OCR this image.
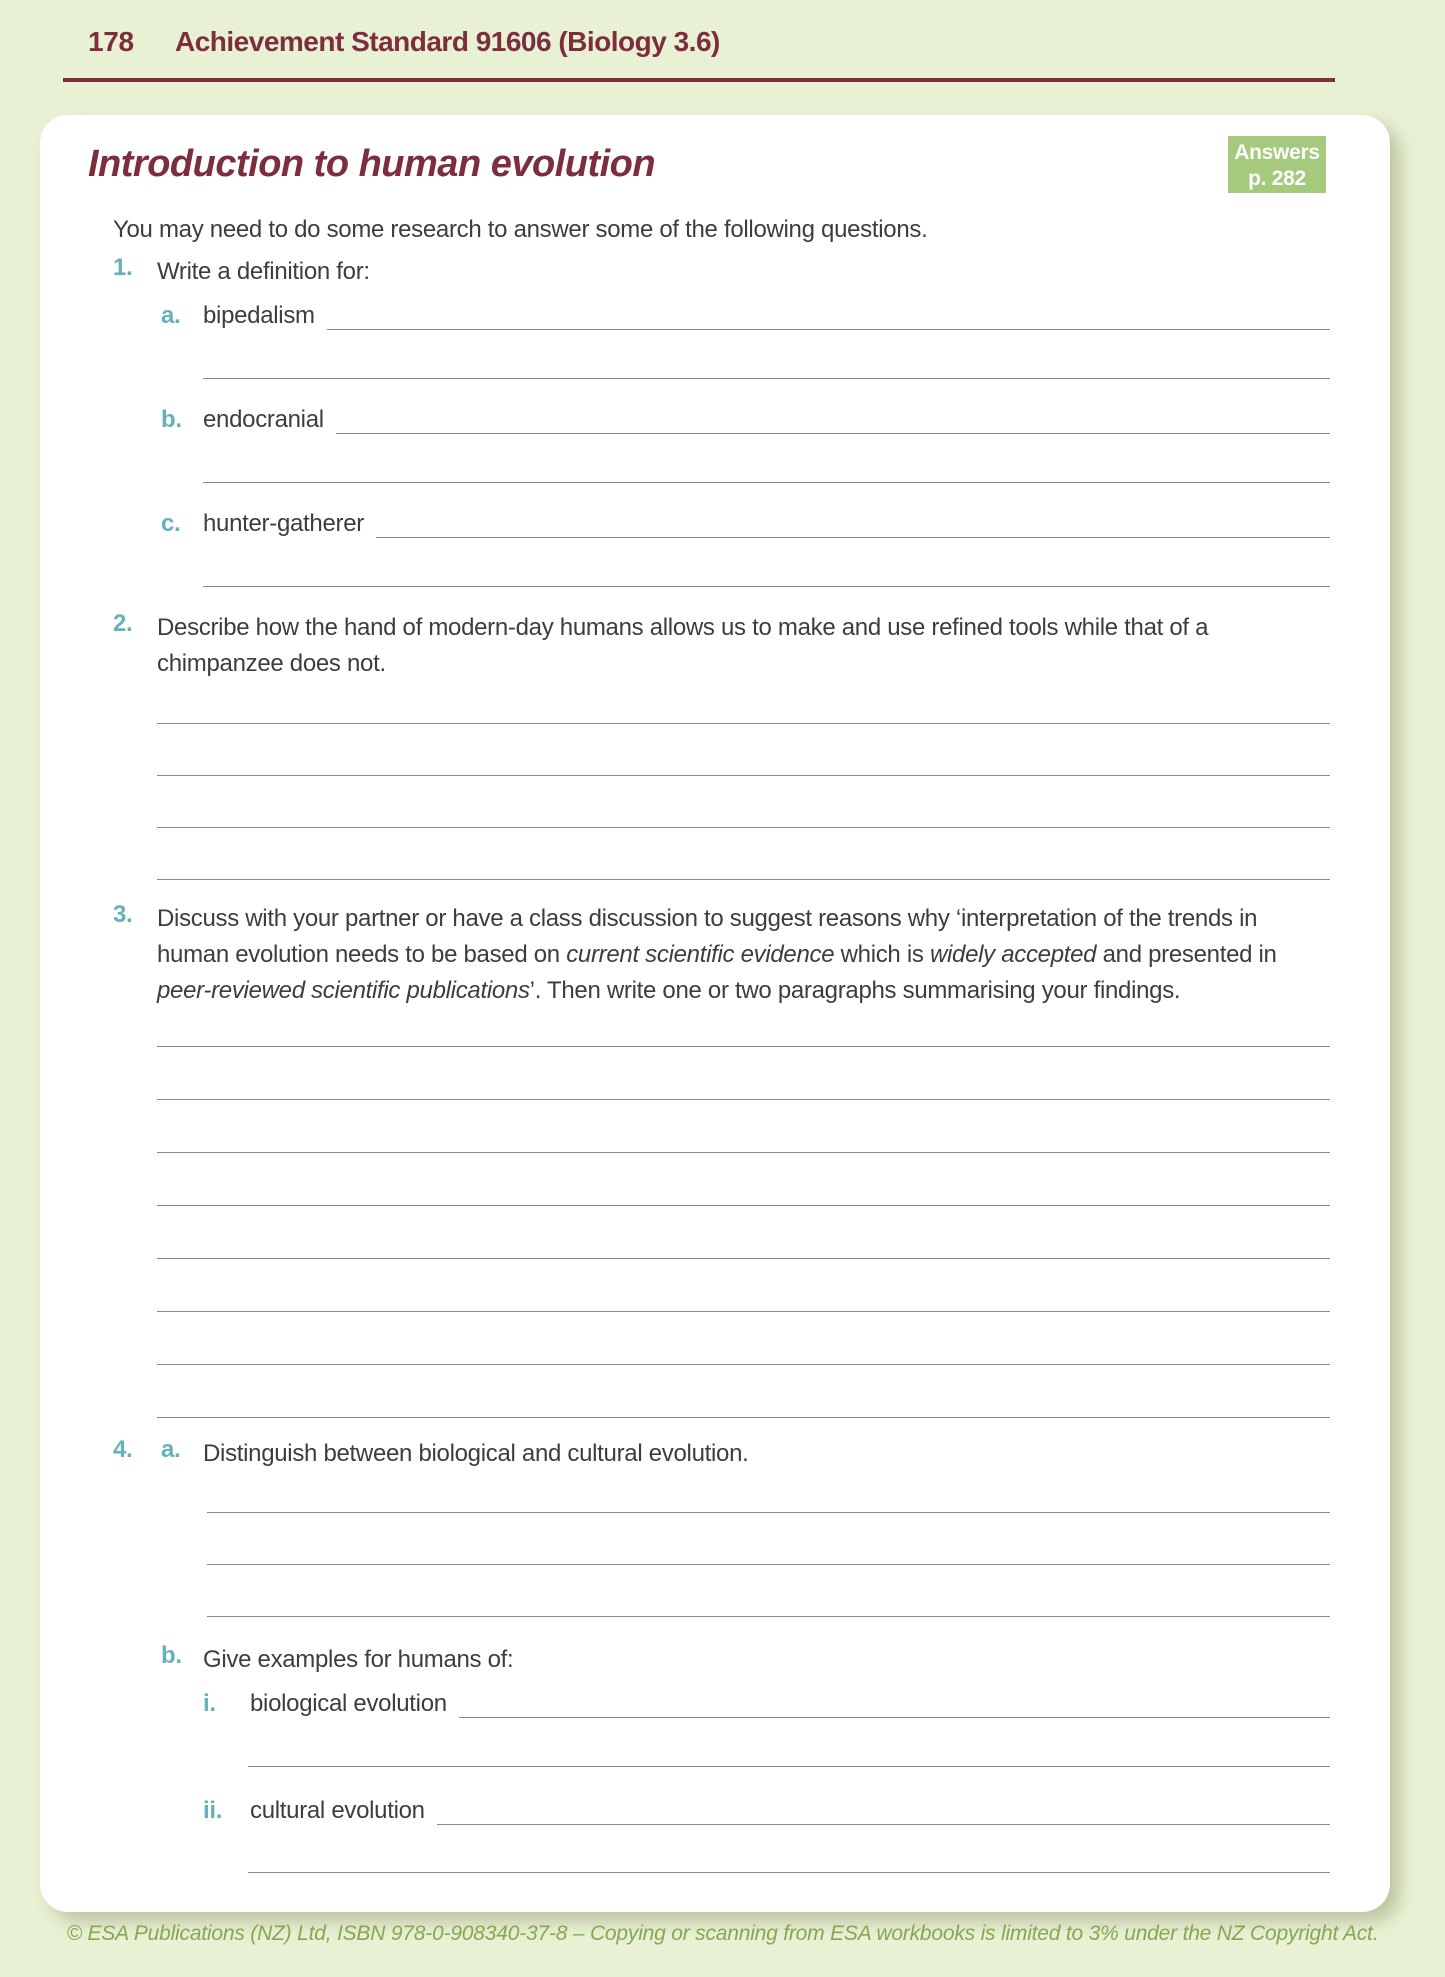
178 Achievement Standard 91606 (Biology 3.6)
Introduction to human evolution	Answers
p. 282
You may need to do some research to answer some of the following questions.
1. Write a definition for:
a. bipedalism
b. endocranial
c. hunter-gatherer
2. Describe how the hand of modern-day humans allows us to make and use refined tools while that of a chimpanzee does not.
3. Discuss with your partner or have a class discussion to suggest reasons why ‘interpretation of the trends in human evolution needs to be based on current scientific evidence which is widely accepted and presented in peer-reviewed scientific publications’. Then write one or two paragraphs summarising your findings.
4. a. Distinguish between biological and cultural evolution.
b. Give examples for humans of:
i.	biological evolution
ii.	cultural evolution
© ESA Publications (NZ) Ltd, ISBN 978-0-908340-37-8 – Copying or scanning from ESA workbooks is limited to 3% under the NZ Copyright Act.
